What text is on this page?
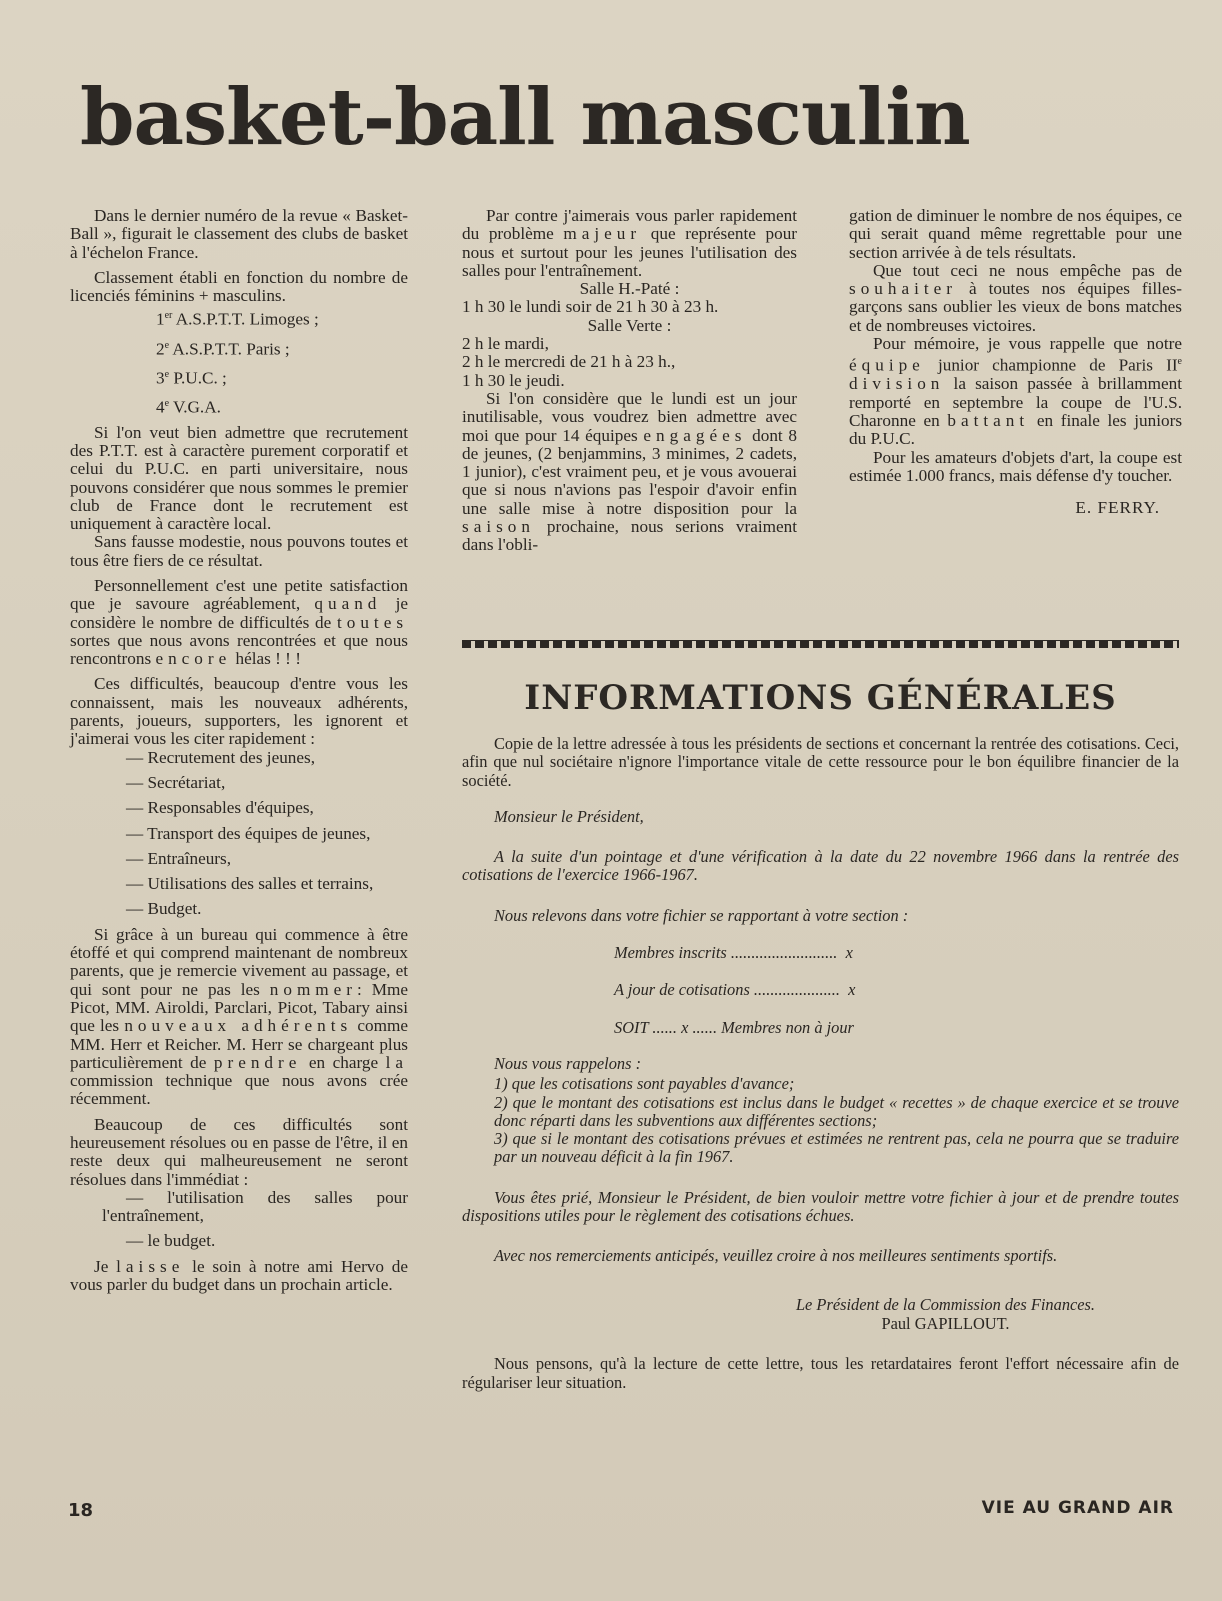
basket-ball masculin

Dans le dernier numéro de la revue « Basket-Ball », figurait le classement des clubs de basket à l'échelon France.

Classement établi en fonction du nombre de licenciés féminins + masculins.

1er A.S.P.T.T. Limoges ;

2e A.S.P.T.T. Paris ;

3e P.U.C. ;

4e V.G.A.

Si l'on veut bien admettre que recrutement des P.T.T. est à caractère purement corporatif et celui du P.U.C. en parti universitaire, nous pouvons considérer que nous sommes le premier club de France dont le recrutement est uniquement à caractère local.

Sans fausse modestie, nous pouvons toutes et tous être fiers de ce résultat.

Personnellement c'est une petite satisfaction que je savoure agréablement, quand je considère le nombre de difficultés de toutes sortes que nous avons rencontrées et que nous rencontrons encore hélas ! ! !

Ces difficultés, beaucoup d'entre vous les connaissent, mais les nouveaux adhérents, parents, joueurs, supporters, les ignorent et j'aimerai vous les citer rapidement :

— Recrutement des jeunes,

— Secrétariat,

— Responsables d'équipes,

— Transport des équipes de jeunes,

— Entraîneurs,

— Utilisations des salles et terrains,

— Budget.

Si grâce à un bureau qui commence à être étoffé et qui comprend maintenant de nombreux parents, que je remercie vivement au passage, et qui sont pour ne pas les nommer: Mme Picot, MM. Airoldi, Parclari, Picot, Tabary ainsi que les nouveaux adhérents comme MM. Herr et Reicher. M. Herr se chargeant plus particulièrement de prendre en charge la commission technique que nous avons crée récemment.

Beaucoup de ces difficultés sont heureusement résolues ou en passe de l'être, il en reste deux qui malheureusement ne seront résolues dans l'immédiat :

— l'utilisation des salles pour l'entraînement,

— le budget.

Je laisse le soin à notre ami Hervo de vous parler du budget dans un prochain article.

Par contre j'aimerais vous parler rapidement du problème majeur que représente pour nous et surtout pour les jeunes l'utilisation des salles pour l'entraînement.

Salle H.-Paté :

1 h 30 le lundi soir de 21 h 30 à 23 h.

Salle Verte :

2 h le mardi,

2 h le mercredi de 21 h à 23 h.,

1 h 30 le jeudi.

Si l'on considère que le lundi est un jour inutilisable, vous voudrez bien admettre avec moi que pour 14 équipes engagées dont 8 de jeunes, (2 benjammins, 3 minimes, 2 cadets, 1 junior), c'est vraiment peu, et je vous avouerai que si nous n'avions pas l'espoir d'avoir enfin une salle mise à notre disposition pour la saison prochaine, nous serions vraiment dans l'obli-

gation de diminuer le nombre de nos équipes, ce qui serait quand même regrettable pour une section arrivée à de tels résultats.

Que tout ceci ne nous empêche pas de souhaiter à toutes nos équipes filles-garçons sans oublier les vieux de bons matches et de nombreuses victoires.

Pour mémoire, je vous rappelle que notre équipe junior championne de Paris IIe division la saison passée à brillamment remporté en septembre la coupe de l'U.S. Charonne en battant en finale les juniors du P.U.C.

Pour les amateurs d'objets d'art, la coupe est estimée 1.000 francs, mais défense d'y toucher.

E. FERRY.

INFORMATIONS GÉNÉRALES

Copie de la lettre adressée à tous les présidents de sections et concernant la rentrée des cotisations. Ceci, afin que nul sociétaire n'ignore l'importance vitale de cette ressource pour le bon équilibre financier de la société.

Monsieur le Président,

A la suite d'un pointage et d'une vérification à la date du 22 novembre 1966 dans la rentrée des cotisations de l'exercice 1966-1967.

Nous relevons dans votre fichier se rapportant à votre section :

Membres inscrits ..........................  x

A jour de cotisations .....................  x

SOIT ...... x ...... Membres non à jour

Nous vous rappelons :

1) que les cotisations sont payables d'avance;

2) que le montant des cotisations est inclus dans le budget « recettes » de chaque exercice et se trouve donc réparti dans les subventions aux différentes sections;

3) que si le montant des cotisations prévues et estimées ne rentrent pas, cela ne pourra que se traduire par un nouveau déficit à la fin 1967.

Vous êtes prié, Monsieur le Président, de bien vouloir mettre votre fichier à jour et de prendre toutes dispositions utiles pour le règlement des cotisations échues.

Avec nos remerciements anticipés, veuillez croire à nos meilleures sentiments sportifs.

Le Président de la Commission des Finances.

Paul GAPILLOUT.

Nous pensons, qu'à la lecture de cette lettre, tous les retardataires feront l'effort nécessaire afin de régulariser leur situation.

18	VIE AU GRAND AIR
